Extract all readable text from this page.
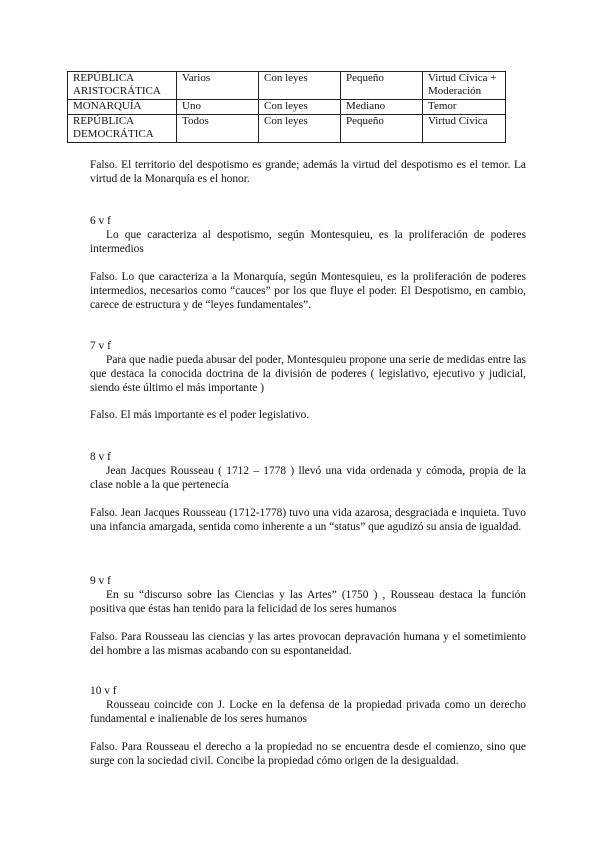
REPÚBLICA ARISTOCRÁTICA	Varios	Con leyes	Pequeño	Virtud Cívica + Moderación
MONARQUÍA	Uno	Con leyes	Mediano	Temor
REPÚBLICA DEMOCRÁTICA	Todos	Con leyes	Pequeño	Virtud Cívica

Falso. El territorio del despotismo es grande; además la virtud del despotismo es el temor. La virtud de la Monarquía es el honor.

6 v f
Lo que caracteriza al despotismo, según Montesquieu, es la proliferación de poderes intermedios

Falso. Lo que caracteriza a la Monarquía, según Montesquieu, es la proliferación de poderes intermedios, necesarios como “cauces” por los que fluye el poder. El Despotismo, en cambio, carece de estructura y de “leyes fundamentales”.

7 v f
Para que nadie pueda abusar del poder, Montesquieu propone una serie de medidas entre las que destaca la conocida doctrina de la división de poderes ( legislativo, ejecutivo y judicial, siendo éste último el más importante )

Falso. El más importante es el poder legislativo.

8 v f
Jean Jacques Rousseau ( 1712 – 1778 ) llevó una vida ordenada y cómoda, propia de la clase noble a la que pertenecía

Falso. Jean Jacques Rousseau (1712-1778) tuvo una vida azarosa, desgraciada e inquieta. Tuvo una infancia amargada, sentida como inherente a un “status” que agudizó su ansia de igualdad.

9 v f
En su “discurso sobre las Ciencias y las Artes” (1750 ) , Rousseau destaca la función positiva que éstas han tenido para la felicidad de los seres humanos

Falso. Para Rousseau las ciencias y las artes provocan depravación humana y el sometimiento del hombre a las mismas acabando con su espontaneidad.

10 v f
Rousseau coincide con J. Locke en la defensa de la propiedad privada como un derecho fundamental e inalienable de los seres humanos

Falso. Para Rousseau el derecho a la propiedad no se encuentra desde el comienzo, sino que surge con la sociedad civil. Concibe la propiedad cómo origen de la desigualdad.
